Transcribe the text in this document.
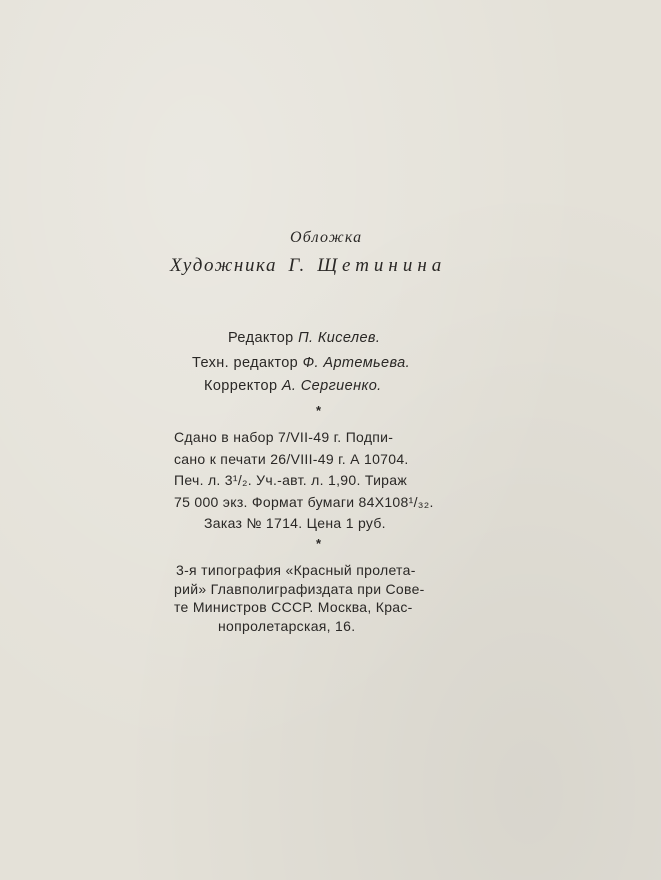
Обложка
Художника Г. Щетинина
Редактор П. Киселев.
Техн. редактор Ф. Артемьева.
Корректор А. Сергиенко.
*
Сдано в набор 7/VII-49 г. Подпи-
сано к печати 26/VIII-49 г. А 10704.
Печ. л. 3¹/₂. Уч.-авт. л. 1,90. Тираж
75 000 экз. Формат бумаги 84Х108¹/₃₂.
Заказ № 1714. Цена 1 руб.
*
3-я типография «Красный пролета-
рий» Главполиграфиздата при Сове-
те Министров СССР. Москва, Крас-
нопролетарская, 16.
